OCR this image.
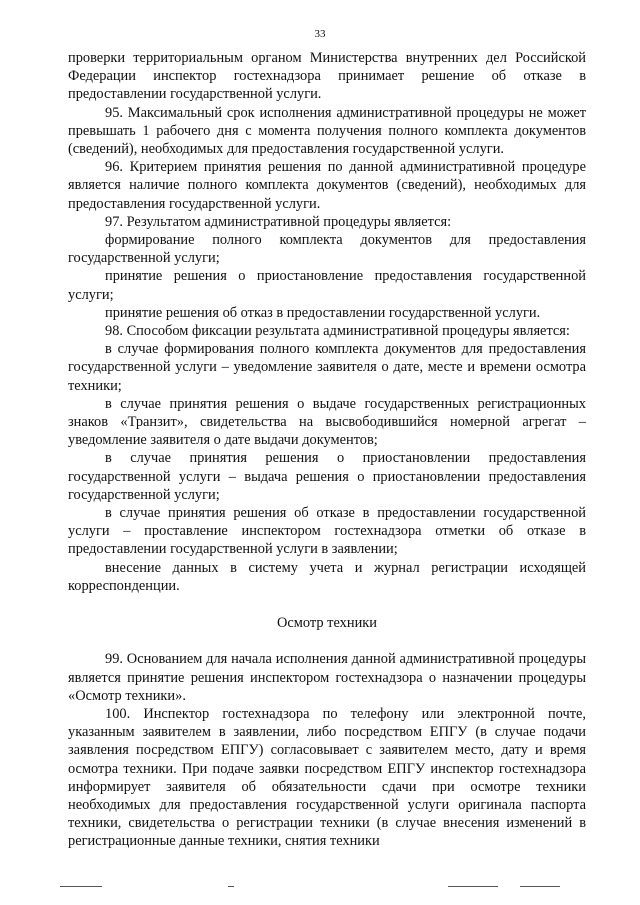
33

проверки территориальным органом Министерства внутренних дел Российской Федерации инспектор гостехнадзора принимает решение об отказе в предоставлении государственной услуги.

95. Максимальный срок исполнения административной процедуры не может превышать 1 рабочего дня с момента получения полного комплекта документов (сведений), необходимых для предоставления государственной услуги.

96. Критерием принятия решения по данной административной процедуре является наличие полного комплекта документов (сведений), необходимых для предоставления государственной услуги.

97. Результатом административной процедуры является:

формирование полного комплекта документов для предоставления государственной услуги;

принятие решения о приостановление предоставления государственной услуги;

принятие решения об отказ в предоставлении государственной услуги.

98. Способом фиксации результата административной процедуры является:

в случае формирования полного комплекта документов для предоставления государственной услуги – уведомление заявителя о дате, месте и времени осмотра техники;

в случае принятия решения о выдаче государственных регистрационных знаков «Транзит», свидетельства на высвободившийся номерной агрегат – уведомление заявителя о дате выдачи документов;

в случае принятия решения о приостановлении предоставления государственной услуги – выдача решения о приостановлении предоставления государственной услуги;

в случае принятия решения об отказе в предоставлении государственной услуги – проставление инспектором гостехнадзора отметки об отказе в предоставлении государственной услуги в заявлении;

внесение данных в систему учета и журнал регистрации исходящей корреспонденции.

Осмотр техники

99. Основанием для начала исполнения данной административной процедуры является принятие решения инспектором гостехнадзора о назначении процедуры «Осмотр техники».

100. Инспектор гостехнадзора по телефону или электронной почте, указанным заявителем в заявлении, либо посредством ЕПГУ (в случае подачи заявления посредством ЕПГУ) согласовывает с заявителем место, дату и время осмотра техники. При подаче заявки посредством ЕПГУ инспектор гостехнадзора информирует заявителя об обязательности сдачи при осмотре техники необходимых для предоставления государственной услуги оригинала паспорта техники, свидетельства о регистрации техники (в случае внесения изменений в регистрационные данные техники, снятия техники
